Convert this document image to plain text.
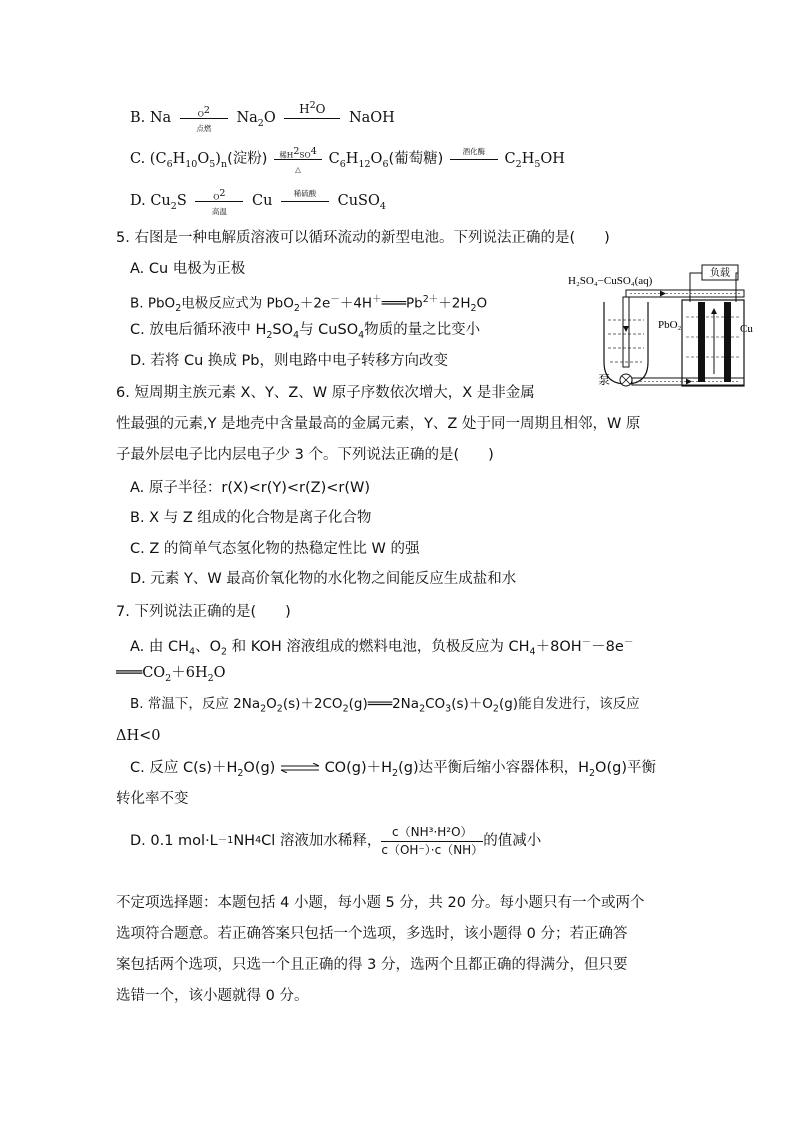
B. Na	$O^2$
点燃
$Na_2O$
$H^2O$
NaOH
C. $(C_6H_{10}O_5)_n$(淀粉)	稀$H^2SO^4$
△
$C_6H_{12}O_6$(葡萄糖)	酒化酶	$C_2H_5OH$
D. $Cu_2S$	$O^2$
高温
Cu	稀硫酸	CuSO$_4$
5. 右图是一种电解质溶液可以循环流动的新型电池。下列说法正确的是(　　)
A. Cu 电极为正极
B. PbO$_2$电极反应式为 $PbO_2+2e^-+4H^+═══Pb^{2+}+2H_2O$
C. 放电后循环液中 $H_2SO_4$与 CuSO$_4$物质的量之比变小
D. 若将 Cu 换成 Pb，则电路中电子转移方向改变
H₂SO₄−CuSO₄(aq)
负载
泵
PbO₂	Cu
6. 短周期主族元素 X、Y、Z、W 原子序数依次增大，X 是非金属
性最强的元素,Y 是地壳中含量最高的金属元素，Y、Z 处于同一周期且相邻，W 原
子最外层电子比内层电子少 3 个。下列说法正确的是(　　)
A. 原子半径：r(X)<r(Y)<r(Z)<r(W)
B. X 与 Z 组成的化合物是离子化合物
C. Z 的简单气态氢化物的热稳定性比 W 的强
D. 元素 Y、W 最高价氧化物的水化物之间能反应生成盐和水
7. 下列说法正确的是(　　)
A. 由 $CH_4$、$O_2$ 和 KOH 溶液组成的燃料电池，负极反应为 $CH_4+8OH^--8e^-$
$═══CO_2+6H_2O$
B. 常温下，反应 $2Na_2O_2(s)+2CO_2(g)═══2Na_2CO_3(s)+O_2(g)$能自发进行，该反应
ΔH<0
C. 反应 $C(s)+H_2O(g)$ ⇌ $CO(g)+H_2(g)$达平衡后缩小容器体积，$H_2O(g)$平衡
转化率不变
D. 0.1 mol·L －1 NH 4 Cl 溶液加水稀释， $\frac{\text{c（NH³·H²O）}}{c(OH^-)\cdot c(NH)}$ 的值减小
不定项选择题：本题包括 4 小题，每小题 5 分，共 20 分。每小题只有一个或两个
选项符合题意。若正确答案只包括一个选项，多选时，该小题得 0 分；若正确答
案包括两个选项，只选一个且正确的得 3 分，选两个且都正确的得满分，但只要
选错一个，该小题就得 0 分。
